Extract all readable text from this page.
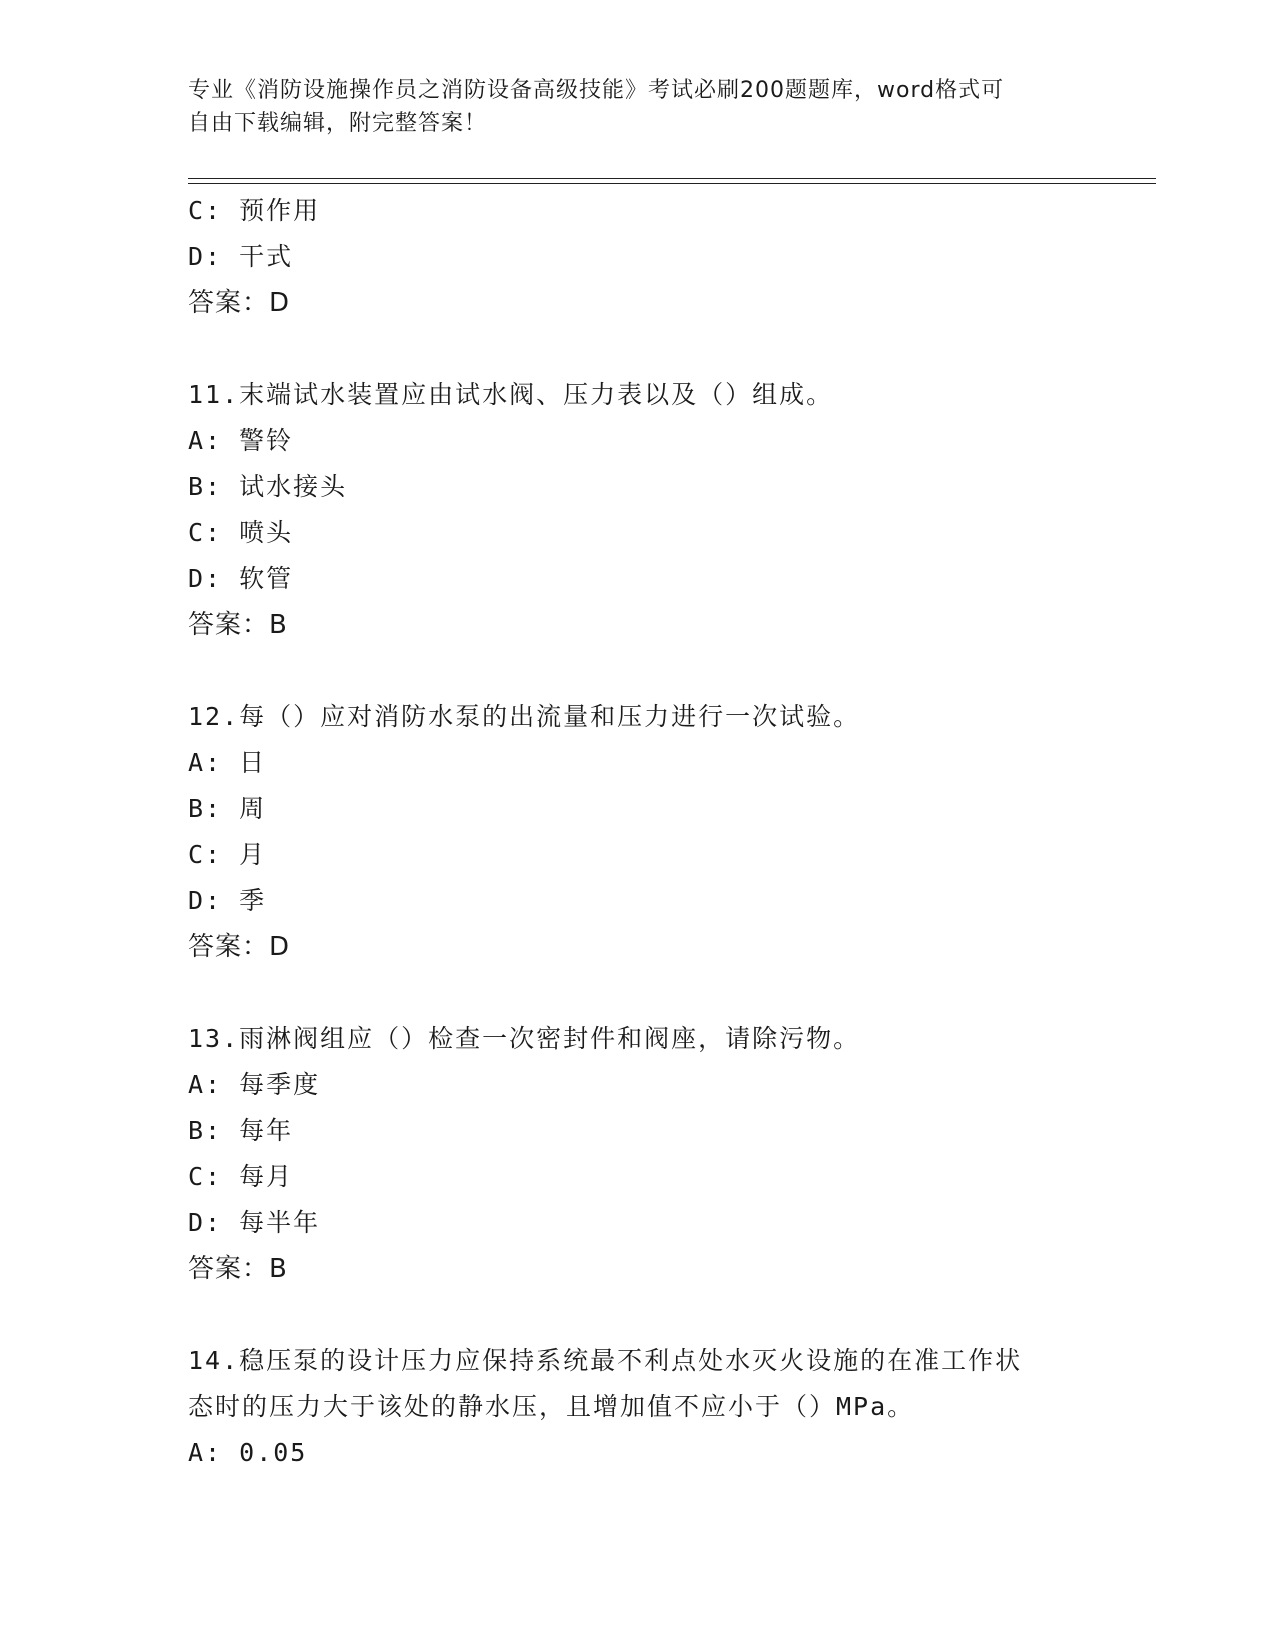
专业《消防设施操作员之消防设备高级技能》考试必刷200题题库，word格式可
自由下载编辑，附完整答案！
C: 预作用
D: 干式
答案：D
11.末端试水装置应由试水阀、压力表以及（）组成。
A: 警铃
B: 试水接头
C: 喷头
D: 软管
答案：B
12.每（）应对消防水泵的出流量和压力进行一次试验。
A: 日
B: 周
C: 月
D: 季
答案：D
13.雨淋阀组应（）检查一次密封件和阀座，请除污物。
A: 每季度
B: 每年
C: 每月
D: 每半年
答案：B
14.稳压泵的设计压力应保持系统最不利点处水灭火设施的在准工作状
态时的压力大于该处的静水压，且增加值不应小于（）MPa。
A: 0.05
